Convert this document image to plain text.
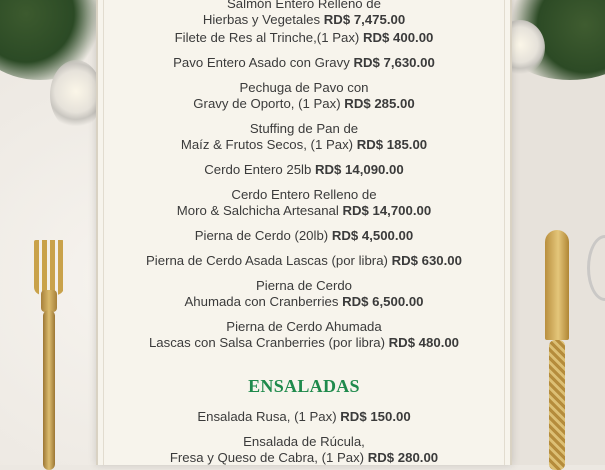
Salmón Entero Relleno de
Hierbas y Vegetales RD$ 7,475.00
Filete de Res al Trinche,(1 Pax) RD$ 400.00
Pavo Entero Asado con Gravy RD$ 7,630.00
Pechuga de Pavo con
Gravy de Oporto, (1 Pax) RD$ 285.00
Stuffing de Pan de
Maíz & Frutos Secos, (1 Pax) RD$ 185.00
Cerdo Entero 25lb RD$ 14,090.00
Cerdo Entero Relleno de
Moro & Salchicha Artesanal RD$ 14,700.00
Pierna de Cerdo (20lb) RD$ 4,500.00
Pierna de Cerdo Asada Lascas (por libra) RD$ 630.00
Pierna de Cerdo
Ahumada con Cranberries RD$ 6,500.00
Pierna de Cerdo Ahumada
Lascas con Salsa Cranberries (por libra) RD$ 480.00
ENSALADAS
Ensalada Rusa, (1 Pax) RD$ 150.00
Ensalada de Rúcula,
Fresa y Queso de Cabra, (1 Pax) RD$ 280.00
